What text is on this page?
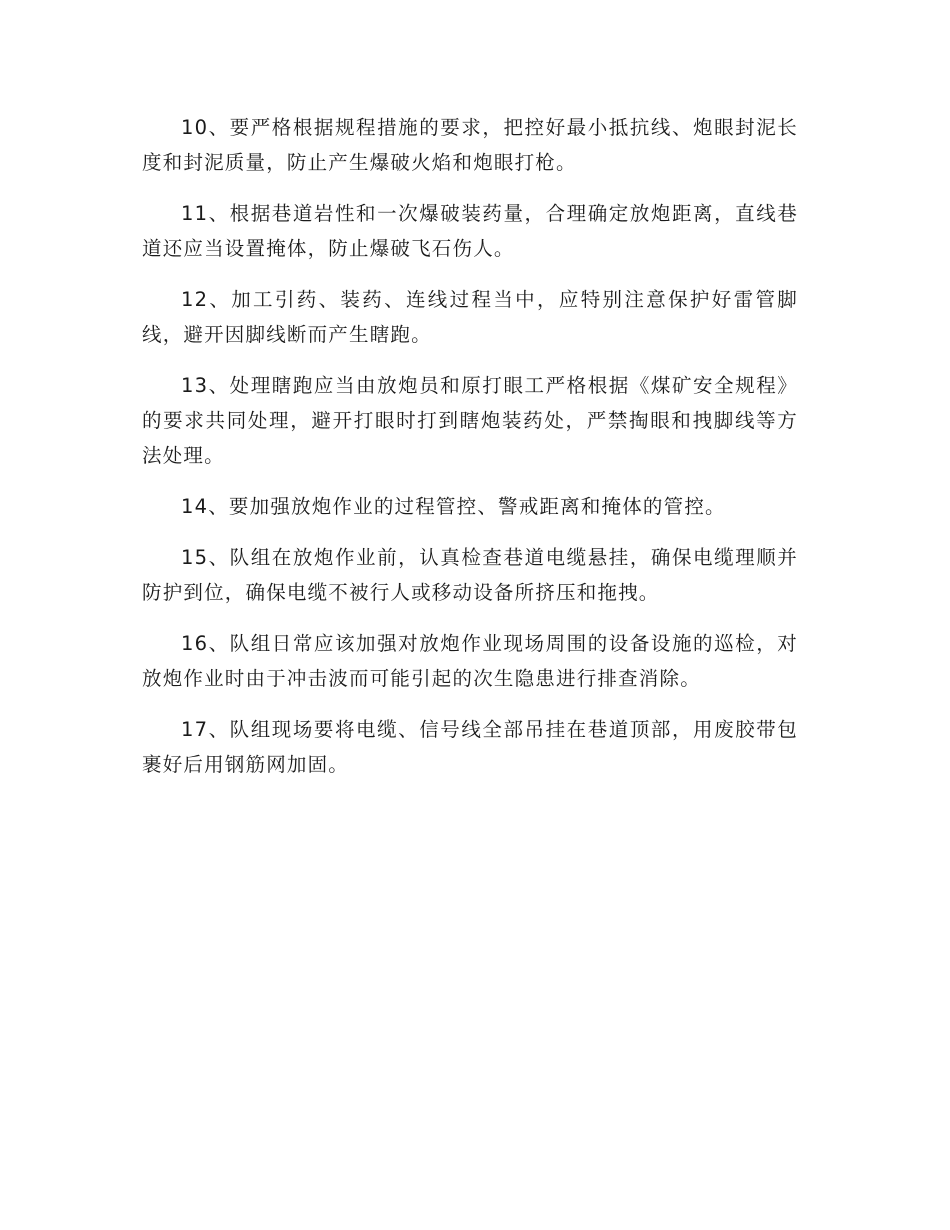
10、要严格根据规程措施的要求，把控好最小抵抗线、炮眼封泥长度和封泥质量，防止产生爆破火焰和炮眼打枪。

11、根据巷道岩性和一次爆破装药量，合理确定放炮距离，直线巷道还应当设置掩体，防止爆破飞石伤人。

12、加工引药、装药、连线过程当中，应特别注意保护好雷管脚线，避开因脚线断而产生瞎跑。

13、处理瞎跑应当由放炮员和原打眼工严格根据《煤矿安全规程》的要求共同处理，避开打眼时打到瞎炮装药处，严禁掏眼和拽脚线等方法处理。

14、要加强放炮作业的过程管控、警戒距离和掩体的管控。

15、队组在放炮作业前，认真检查巷道电缆悬挂，确保电缆理顺并防护到位，确保电缆不被行人或移动设备所挤压和拖拽。

16、队组日常应该加强对放炮作业现场周围的设备设施的巡检，对放炮作业时由于冲击波而可能引起的次生隐患进行排查消除。

17、队组现场要将电缆、信号线全部吊挂在巷道顶部，用废胶带包裹好后用钢筋网加固。
